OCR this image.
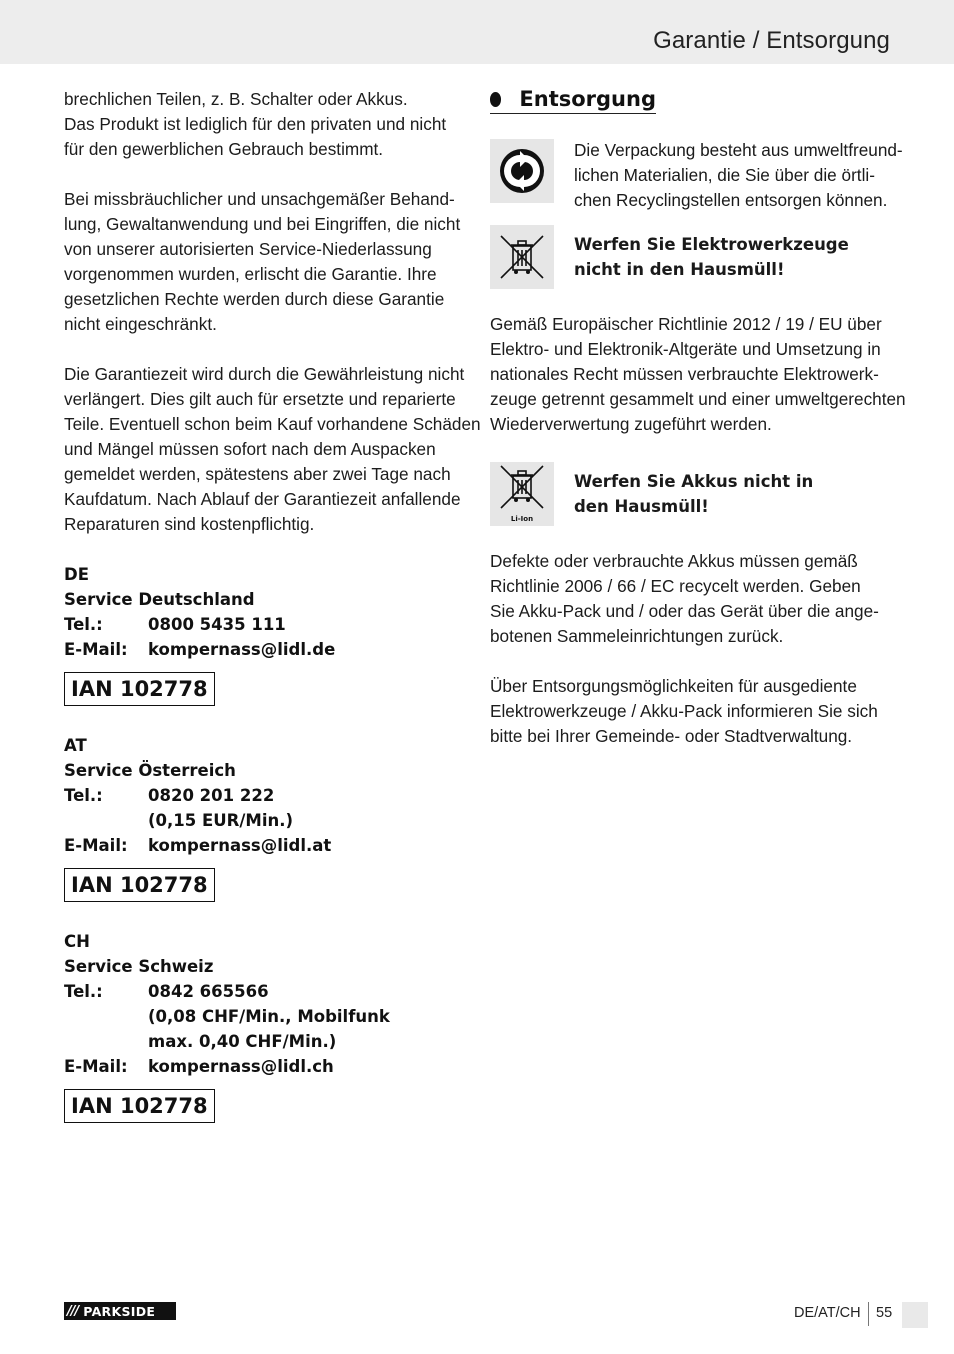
Garantie / Entsorgung

brechlichen Teilen, z. B. Schalter oder Akkus.
Das Produkt ist lediglich für den privaten und nicht
für den gewerblichen Gebrauch bestimmt.

Bei missbräuchlicher und unsachgemäßer Behand-
lung, Gewaltanwendung und bei Eingriffen, die nicht
von unserer autorisierten Service-Niederlassung
vorgenommen wurden, erlischt die Garantie. Ihre
gesetzlichen Rechte werden durch diese Garantie
nicht eingeschränkt.

Die Garantiezeit wird durch die Gewährleistung nicht
verlängert. Dies gilt auch für ersetzte und reparierte
Teile. Eventuell schon beim Kauf vorhandene Schäden
und Mängel müssen sofort nach dem Auspacken
gemeldet werden, spätestens aber zwei Tage nach
Kaufdatum. Nach Ablauf der Garantiezeit anfallende
Reparaturen sind kostenpflichtig.

DE
Service Deutschland
Tel.:	0800 5435 111
E-Mail: kompernass@lidl.de
IAN 102778
AT
Service Österreich
Tel.:	0820 201 222
(0,15 EUR/Min.)
E-Mail: kompernass@lidl.at
IAN 102778
CH
Service Schweiz
Tel.:	0842 665566
(0,08 CHF/Min., Mobilfunk
max. 0,40 CHF/Min.)
E-Mail: kompernass@lidl.ch
IAN 102778
Entsorgung
Die Verpackung besteht aus umweltfreund-
lichen Materialien, die Sie über die örtli-
chen Recyclingstellen entsorgen können.
Werfen Sie Elektrowerkzeuge
nicht in den Hausmüll!

Gemäß Europäischer Richtlinie 2012 / 19 / EU über
Elektro- und Elektronik-Altgeräte und Umsetzung in
nationales Recht müssen verbrauchte Elektrowerk-
zeuge getrennt gesammelt und einer umweltgerechten
Wiederverwertung zugeführt werden.

Li-Ion
Werfen Sie Akkus nicht in
den Hausmüll!

Defekte oder verbrauchte Akkus müssen gemäß
Richtlinie 2006 / 66 / EC recycelt werden. Geben
Sie Akku-Pack und / oder das Gerät über die ange-
botenen Sammeleinrichtungen zurück.

Über Entsorgungsmöglichkeiten für ausgediente
Elektrowerkzeuge / Akku-Pack informieren Sie sich
bitte bei Ihrer Gemeinde- oder Stadtverwaltung.

/// PARKSIDE	DE/AT/CH 55
